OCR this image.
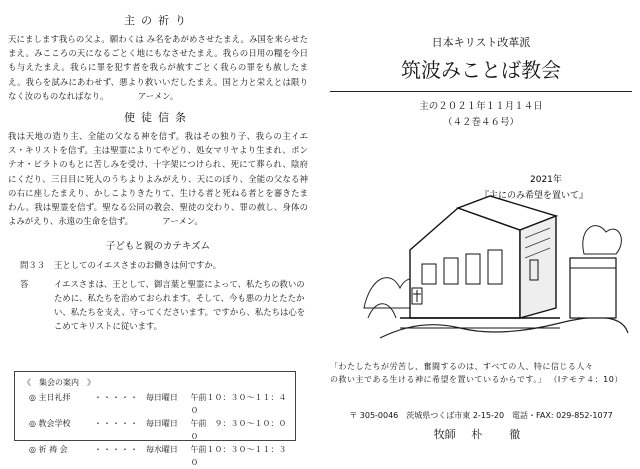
主の祈り

天にまします我らの父よ。願わくは み名をあがめさせたまえ。み国を来らせたまえ。みこころの天になるごとく地にもなさせたまえ。我らの日用の糧を今日も与えたまえ。我らに罪を犯す者を我らが赦すごとく我らの罪をも赦したまえ。我らを試みにあわせず、悪より救いいだしたまえ。国と力と栄えとは限りなく汝のものなればなり。　　　　アーメン。

使徒信条

我は天地の造り主、全能の父なる神を信ず。我はその独り子、我らの主イエス・キリストを信ず。主は聖霊によりてやどり、処女マリヤより生まれ、ポンテオ・ピラトのもとに苦しみを受け、十字架につけられ、死にて葬られ、陰府にくだり、三日目に死人のうちよりよみがえり、天にのぼり、全能の父なる神の右に座したまえり、かしこよりきたりて、生ける者と死ねる者とを審きたまわん。我は聖霊を信ず。聖なる公同の教会、聖徒の交わり、罪の赦し、身体のよみがえり、永遠の生命を信ず。　　　　アーメン。

子どもと親のカテキズム
問３３	王としてのイエスさまのお働きは何ですか。
答	イエスさまは、王として、御言葉と聖霊によって、私たちの救いのために、私たちを治めておられます。そして、今も悪の力とたたかい、私たちを支え、守ってくださいます。ですから、私たちは心をこめてキリストに従います。
《　集会の案内　》
◎ 主日礼拝	・・・・・ 毎日曜日	午前１０：３０～１１：４０
◎ 教会学校	・・・・・ 毎日曜日	午前　９：３０～１０：００
◎ 祈 祷 会	・・・・・ 毎水曜日	午前１０：３０～１１：３０
日本キリスト改革派
筑波みことば教会
主の２０２１年１１月１４日
（４２巻４６号）
2021年
『主にのみ希望を置いて』
「わたしたちが労苦し、奮闘するのは、すべての人、特に信じる人々
の救い主である生ける神に希望を置いているからです。」 （Ⅰテモテ４：10）
〒 305-0046　茨城県つくば市東 2-15-20　電話・FAX: 029-852-1077
牧師 朴　徹
